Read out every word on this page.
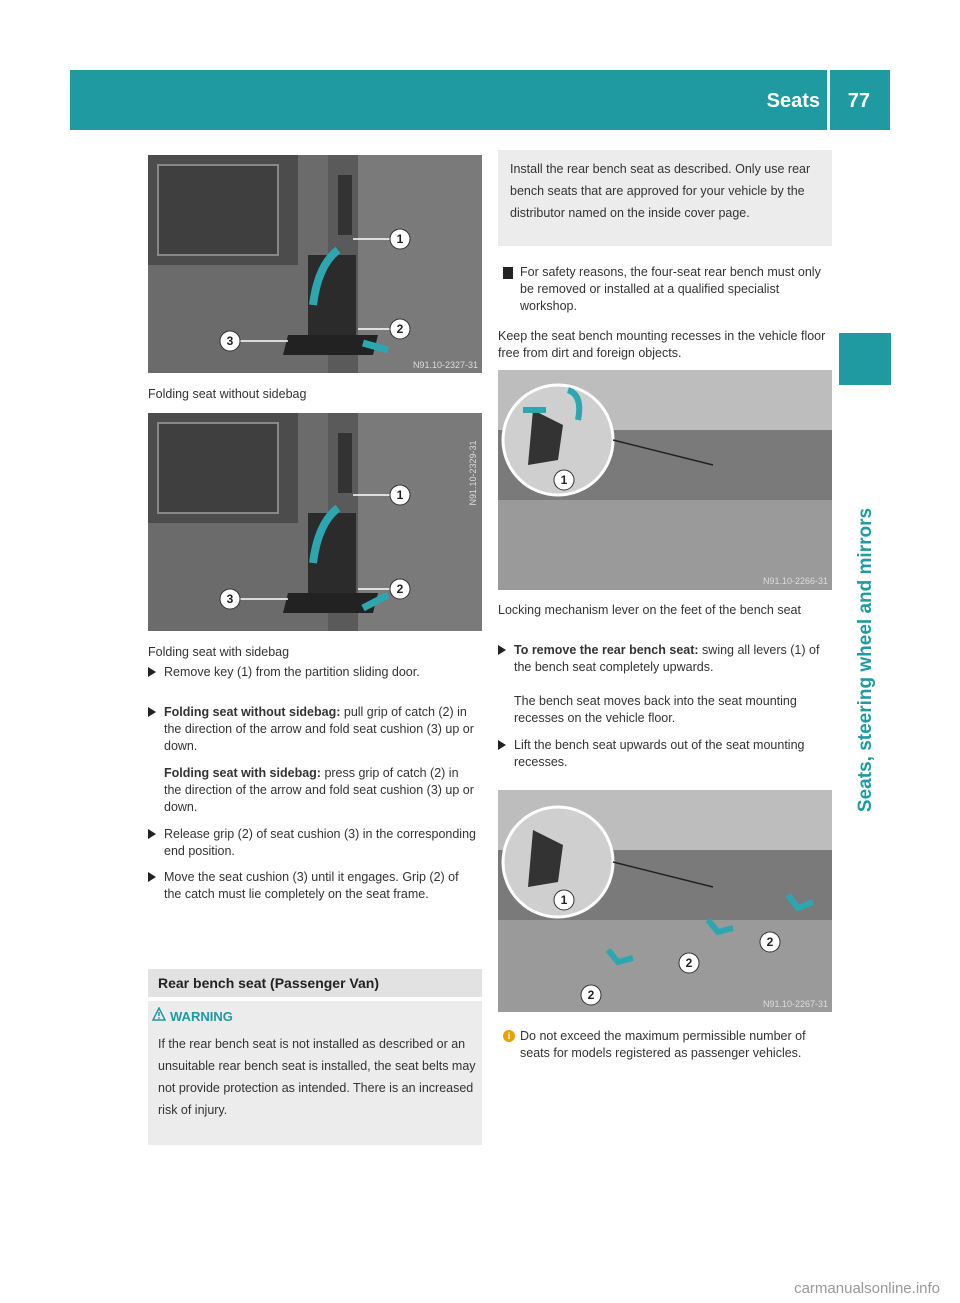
Seats 77
Seats, steering wheel and mirrors
1
2
3
N91.10-2327-31
Folding seat without sidebag
1
2
3
N91.10-2329-31
Folding seat with sidebag
Remove key (1) from the partition sliding door.
Folding seat without sidebag: pull grip of catch (2) in the direction of the arrow and fold seat cushion (3) up or down.
Folding seat with sidebag: press grip of catch (2) in the direction of the arrow and fold seat cushion (3) up or down.
Release grip (2) of seat cushion (3) in the corresponding end position.
Move the seat cushion (3) until it engages. Grip (2) of the catch must lie completely on the seat frame.
Rear bench seat (Passenger Van)
WARNING
If the rear bench seat is not installed as described or an unsuitable rear bench seat is installed, the seat belts may not provide protection as intended. There is an increased risk of injury.
Install the rear bench seat as described. Only use rear bench seats that are approved for your vehicle by the distributor named on the inside cover page.
For safety reasons, the four-seat rear bench must only be removed or installed at a qualified specialist workshop.
Keep the seat bench mounting recesses in the vehicle floor free from dirt and foreign objects.
1
N91.10-2266-31
Locking mechanism lever on the feet of the bench seat
To remove the rear bench seat: swing all levers (1) of the bench seat completely upwards.
The bench seat moves back into the seat mounting recesses on the vehicle floor.
Lift the bench seat upwards out of the seat mounting recesses.
1
2
2
2
N91.10-2267-31
i Do not exceed the maximum permissible number of seats for models registered as passenger vehicles.
carmanualsonline.info
